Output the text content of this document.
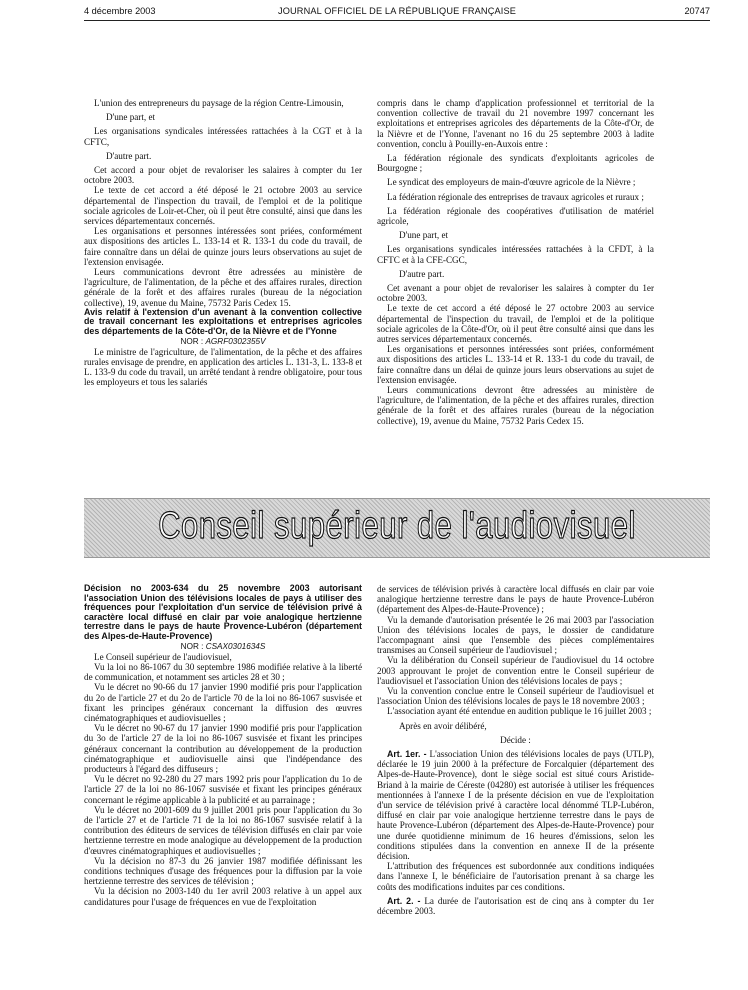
4 décembre 2003	JOURNAL OFFICIEL DE LA RÉPUBLIQUE FRANÇAISE	20747

L'union des entrepreneurs du paysage de la région Centre-Limousin,

D'une part, et

Les organisations syndicales intéressées rattachées à la CGT et à la CFTC,

D'autre part.

Cet accord a pour objet de revaloriser les salaires à compter du 1er octobre 2003.

Le texte de cet accord a été déposé le 21 octobre 2003 au service départemental de l'inspection du travail, de l'emploi et de la politique sociale agricoles de Loir-et-Cher, où il peut être consulté, ainsi que dans les services départementaux concernés.

Les organisations et personnes intéressées sont priées, conformément aux dispositions des articles L. 133-14 et R. 133-1 du code du travail, de faire connaître dans un délai de quinze jours leurs observations au sujet de l'extension envisagée.

Leurs communications devront être adressées au ministère de l'agriculture, de l'alimentation, de la pêche et des affaires rurales, direction générale de la forêt et des affaires rurales (bureau de la négociation collective), 19, avenue du Maine, 75732 Paris Cedex 15.

Avis relatif à l'extension d'un avenant à la convention collective de travail concernant les exploitations et entreprises agricoles des départements de la Côte-d'Or, de la Nièvre et de l'Yonne

NOR : AGRF0302355V

Le ministre de l'agriculture, de l'alimentation, de la pêche et des affaires rurales envisage de prendre, en application des articles L. 131-3, L. 133-8 et L. 133-9 du code du travail, un arrêté tendant à rendre obligatoire, pour tous les employeurs et tous les salariés

compris dans le champ d'application professionnel et territorial de la convention collective de travail du 21 novembre 1997 concernant les exploitations et entreprises agricoles des départements de la Côte-d'Or, de la Nièvre et de l'Yonne, l'avenant no 16 du 25 septembre 2003 à ladite convention, conclu à Pouilly-en-Auxois entre :

La fédération régionale des syndicats d'exploitants agricoles de Bourgogne ;

Le syndicat des employeurs de main-d'œuvre agricole de la Nièvre ;

La fédération régionale des entreprises de travaux agricoles et ruraux ;

La fédération régionale des coopératives d'utilisation de matériel agricole,

D'une part, et

Les organisations syndicales intéressées rattachées à la CFDT, à la CFTC et à la CFE-CGC,

D'autre part.

Cet avenant a pour objet de revaloriser les salaires à compter du 1er octobre 2003.

Le texte de cet accord a été déposé le 27 octobre 2003 au service départemental de l'inspection du travail, de l'emploi et de la politique sociale agricoles de la Côte-d'Or, où il peut être consulté ainsi que dans les autres services départementaux concernés.

Les organisations et personnes intéressées sont priées, conformément aux dispositions des articles L. 133-14 et R. 133-1 du code du travail, de faire connaître dans un délai de quinze jours leurs observations au sujet de l'extension envisagée.

Leurs communications devront être adressées au ministère de l'agriculture, de l'alimentation, de la pêche et des affaires rurales, direction générale de la forêt et des affaires rurales (bureau de la négociation collective), 19, avenue du Maine, 75732 Paris Cedex 15.

Conseil supérieur de l'audiovisuel

Décision no 2003-634 du 25 novembre 2003 autorisant l'association Union des télévisions locales de pays à utiliser des fréquences pour l'exploitation d'un service de télévision privé à caractère local diffusé en clair par voie analogique hertzienne terrestre dans le pays de haute Provence-Lubéron (département des Alpes-de-Haute-Provence)

NOR : CSAX0301634S

Le Conseil supérieur de l'audiovisuel,

Vu la loi no 86-1067 du 30 septembre 1986 modifiée relative à la liberté de communication, et notamment ses articles 28 et 30 ;

Vu le décret no 90-66 du 17 janvier 1990 modifié pris pour l'application du 2o de l'article 27 et du 2o de l'article 70 de la loi no 86-1067 susvisée et fixant les principes généraux concernant la diffusion des œuvres cinématographiques et audiovisuelles ;

Vu le décret no 90-67 du 17 janvier 1990 modifié pris pour l'application du 3o de l'article 27 de la loi no 86-1067 susvisée et fixant les principes généraux concernant la contribution au développement de la production cinématographique et audiovisuelle ainsi que l'indépendance des producteurs à l'égard des diffuseurs ;

Vu le décret no 92-280 du 27 mars 1992 pris pour l'application du 1o de l'article 27 de la loi no 86-1067 susvisée et fixant les principes généraux concernant le régime applicable à la publicité et au parrainage ;

Vu le décret no 2001-609 du 9 juillet 2001 pris pour l'application du 3o de l'article 27 et de l'article 71 de la loi no 86-1067 susvisée relatif à la contribution des éditeurs de services de télévision diffusés en clair par voie hertzienne terrestre en mode analogique au développement de la production d'œuvres cinématographiques et audiovisuelles ;

Vu la décision no 87-3 du 26 janvier 1987 modifiée définissant les conditions techniques d'usage des fréquences pour la diffusion par la voie hertzienne terrestre des services de télévision ;

Vu la décision no 2003-140 du 1er avril 2003 relative à un appel aux candidatures pour l'usage de fréquences en vue de l'exploitation

de services de télévision privés à caractère local diffusés en clair par voie analogique hertzienne terrestre dans le pays de haute Provence-Lubéron (département des Alpes-de-Haute-Provence) ;

Vu la demande d'autorisation présentée le 26 mai 2003 par l'association Union des télévisions locales de pays, le dossier de candidature l'accompagnant ainsi que l'ensemble des pièces complémentaires transmises au Conseil supérieur de l'audiovisuel ;

Vu la délibération du Conseil supérieur de l'audiovisuel du 14 octobre 2003 approuvant le projet de convention entre le Conseil supérieur de l'audiovisuel et l'association Union des télévisions locales de pays ;

Vu la convention conclue entre le Conseil supérieur de l'audiovisuel et l'association Union des télévisions locales de pays le 18 novembre 2003 ;

L'association ayant été entendue en audition publique le 16 juillet 2003 ;

Après en avoir délibéré,

Décide :

Art. 1er. - L'association Union des télévisions locales de pays (UTLP), déclarée le 19 juin 2000 à la préfecture de Forcalquier (département des Alpes-de-Haute-Provence), dont le siège social est situé cours Aristide-Briand à la mairie de Céreste (04280) est autorisée à utiliser les fréquences mentionnées à l'annexe I de la présente décision en vue de l'exploitation d'un service de télévision privé à caractère local dénommé TLP-Lubéron, diffusé en clair par voie analogique hertzienne terrestre dans le pays de haute Provence-Lubéron (département des Alpes-de-Haute-Provence) pour une durée quotidienne minimum de 16 heures d'émissions, selon les conditions stipulées dans la convention en annexe II de la présente décision.

L'attribution des fréquences est subordonnée aux conditions indiquées dans l'annexe I, le bénéficiaire de l'autorisation prenant à sa charge les coûts des modifications induites par ces conditions.

Art. 2. - La durée de l'autorisation est de cinq ans à compter du 1er décembre 2003.
